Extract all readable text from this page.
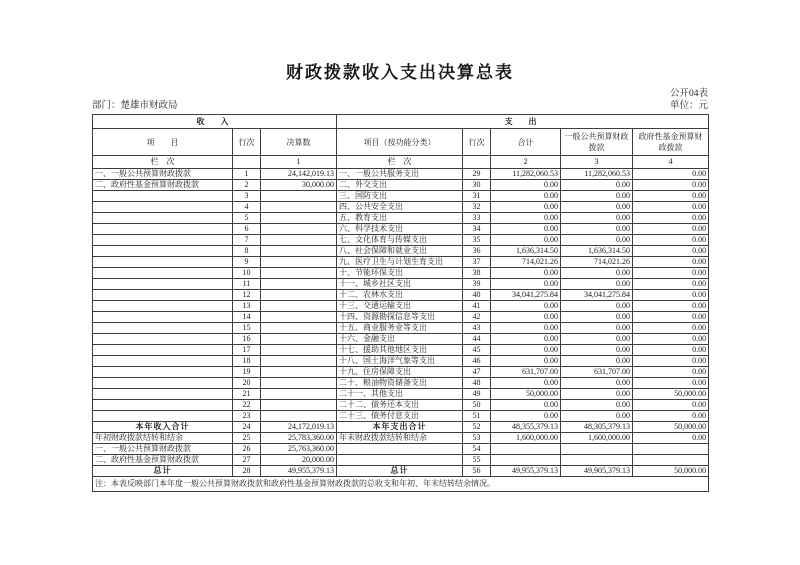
财政拨款收入支出决算总表
公开04表
部门：楚雄市财政局	单位：元
收　入			支　出				
项　　目	行次	决算数	项目（按功能分类）	行次	合计	一般公共预算财政拨款	政府性基金预算财政拨款
栏　次		1	栏　次		2	3	4
一、一般公共预算财政拨款	1	24,142,019.13	一、一般公共服务支出	29	11,282,060.53	11,282,060.53	0.00
二、政府性基金预算财政拨款	2	30,000.00	二、外交支出	30	0.00	0.00	0.00
	3		三、国防支出	31	0.00	0.00	0.00
	4		四、公共安全支出	32	0.00	0.00	0.00
	5		五、教育支出	33	0.00	0.00	0.00
	6		六、科学技术支出	34	0.00	0.00	0.00
	7		七、文化体育与传媒支出	35	0.00	0.00	0.00
	8		八、社会保障和就业支出	36	1,636,314.50	1,636,314.50	0.00
	9		九、医疗卫生与计划生育支出	37	714,021.26	714,021.26	0.00
	10		十、节能环保支出	38	0.00	0.00	0.00
	11		十一、城乡社区支出	39	0.00	0.00	0.00
	12		十二、农林水支出	40	34,041,275.84	34,041,275.84	0.00
	13		十三、交通运输支出	41	0.00	0.00	0.00
	14		十四、资源勘探信息等支出	42	0.00	0.00	0.00
	15		十五、商业服务业等支出	43	0.00	0.00	0.00
	16		十六、金融支出	44	0.00	0.00	0.00
	17		十七、援助其他地区支出	45	0.00	0.00	0.00
	18		十八、国土海洋气象等支出	46	0.00	0.00	0.00
	19		十九、住房保障支出	47	631,707.00	631,707.00	0.00
	20		二十、粮油物资储备支出	48	0.00	0.00	0.00
	21		二十一、其他支出	49	50,000.00	0.00	50,000.00
	22		二十二、债务还本支出	50	0.00	0.00	0.00
	23		二十三、债务付息支出	51	0.00	0.00	0.00
本年收入合计	24	24,172,019.13	本年支出合计	52	48,355,379.13	48,305,379.13	50,000.00
年初财政拨款结转和结余	25	25,783,360.00	年末财政拨款结转和结余	53	1,600,000.00	1,600,000.00	0.00
一、一般公共预算财政拨款	26	25,763,360.00		54			
二、政府性基金预算财政拨款	27	20,000.00		55			
总计	28	49,955,379.13	总计	56	49,955,379.13	49,905,379.13	50,000.00
注：本表反映部门本年度一般公共预算财政拨款和政府性基金预算财政拨款的总收支和年初、年末结转结余情况。							
